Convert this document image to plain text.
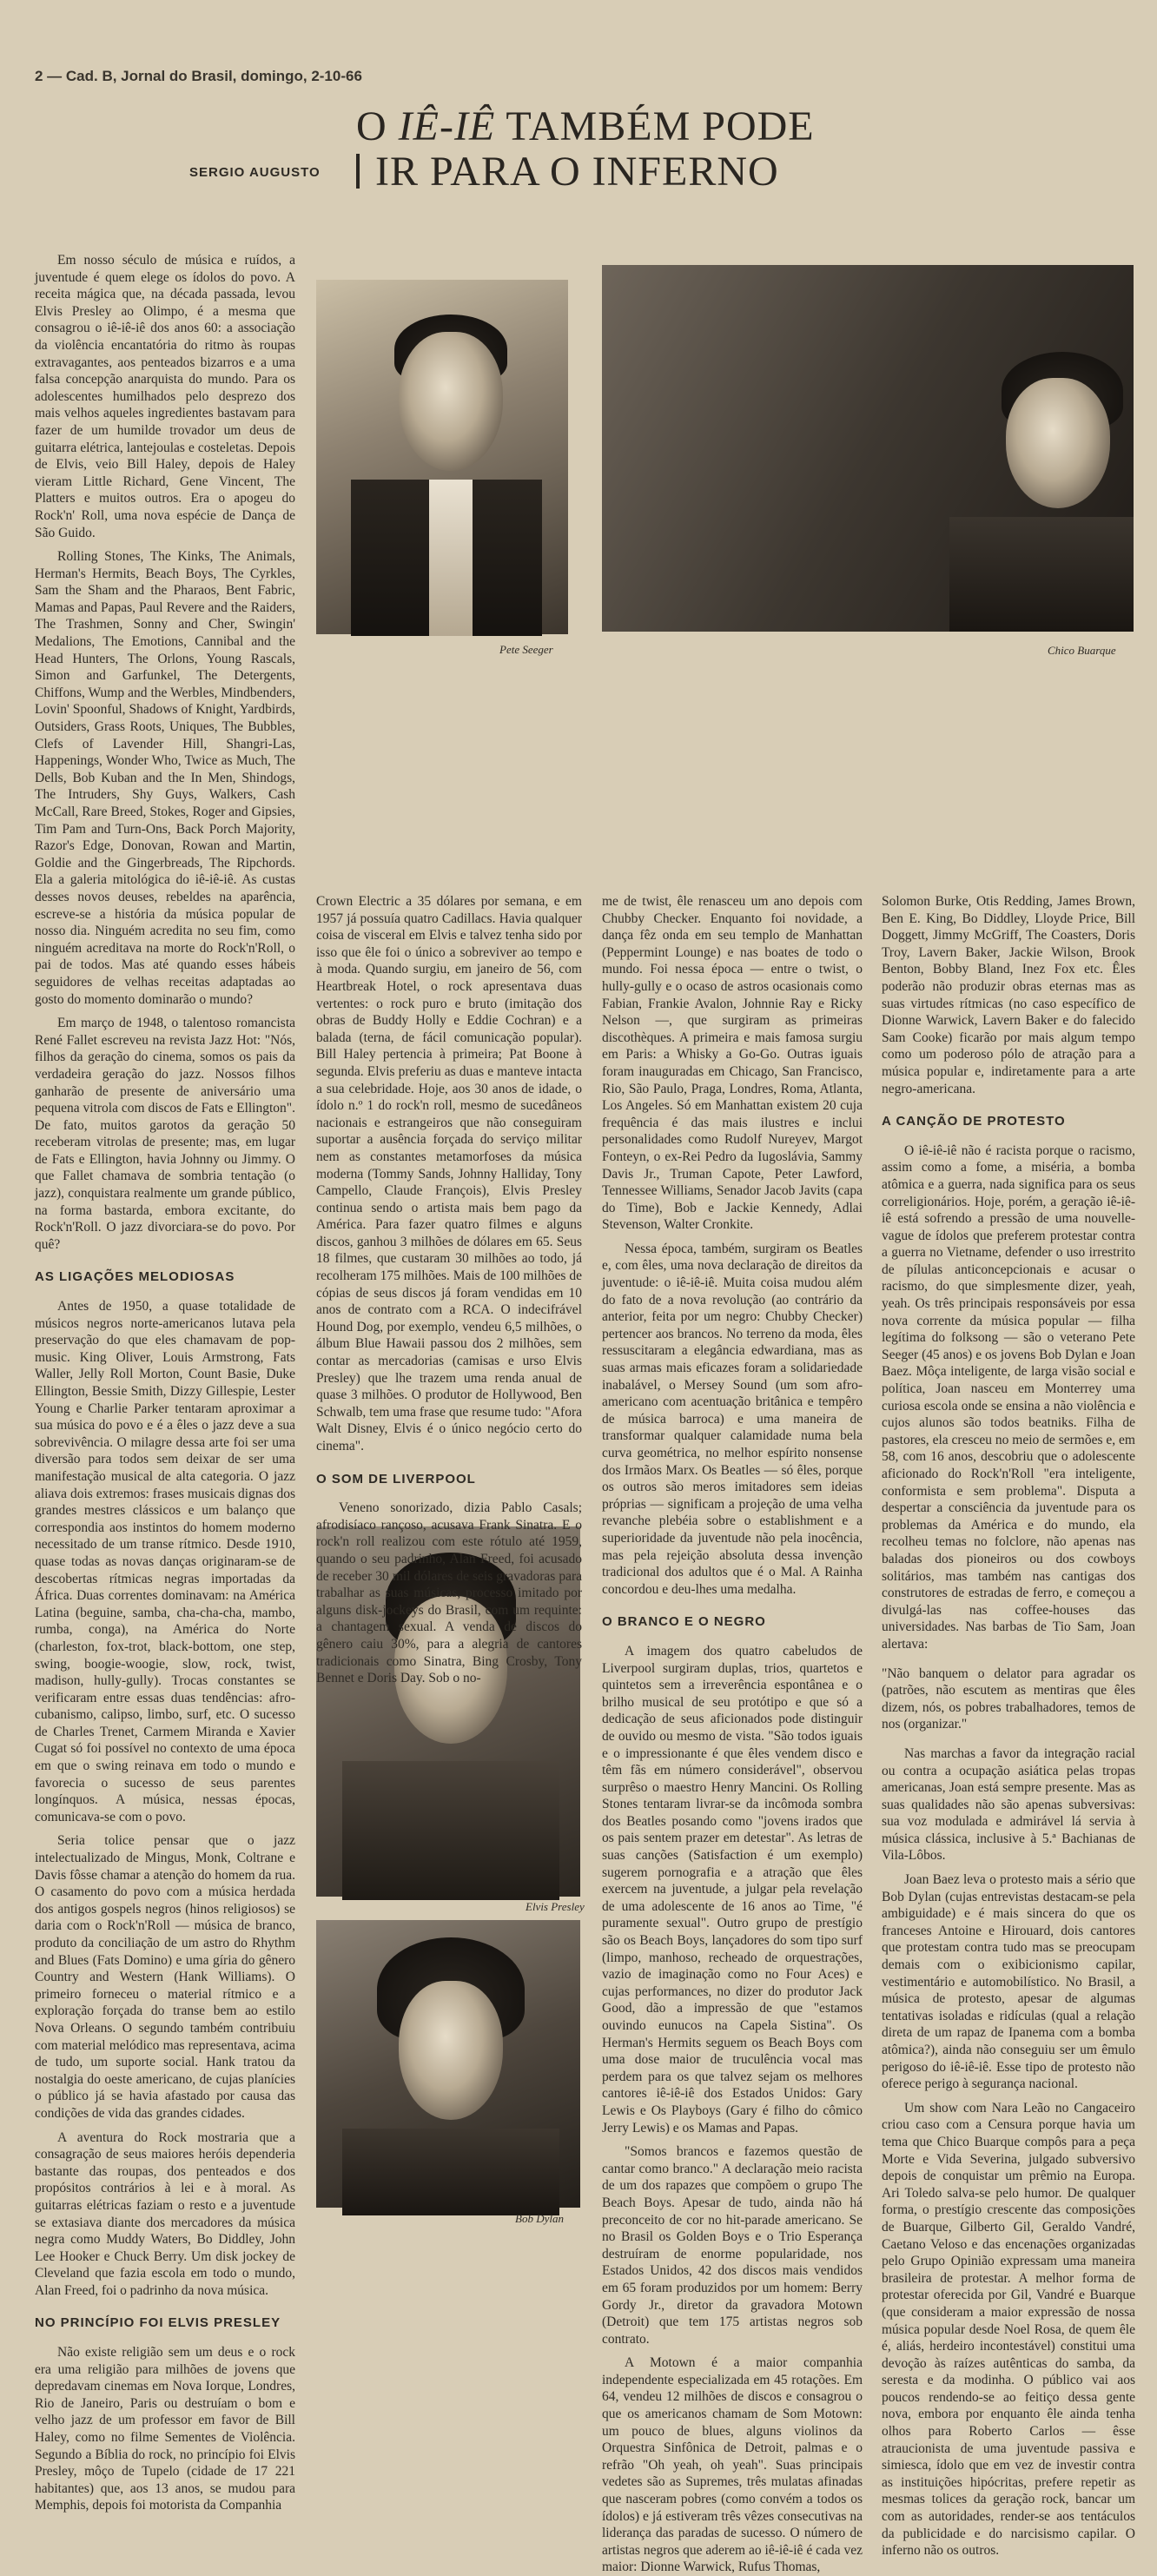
2 — Cad. B, Jornal do Brasil, domingo, 2-10-66
O IÊ-IÊ TAMBÉM PODE
IR PARA O INFERNO
SERGIO AUGUSTO
Pete Seeger	Chico Buarque
Elvis Presley
Bob Dylan

Em nosso século de música e ruídos, a juventude é quem elege os ídolos do povo. A receita mágica que, na década passada, levou Elvis Presley ao Olimpo, é a mesma que consagrou o iê-iê-iê dos anos 60: a associação da violência encantatória do ritmo às roupas extravagantes, aos penteados bizarros e a uma falsa concepção anarquista do mundo. Para os adolescentes humilhados pelo desprezo dos mais velhos aqueles ingredientes bastavam para fazer de um humilde trovador um deus de guitarra elétrica, lantejoulas e costeletas. Depois de Elvis, veio Bill Haley, depois de Haley vieram Little Richard, Gene Vincent, The Platters e muitos outros. Era o apogeu do Rock'n' Roll, uma nova espécie de Dança de São Guido.

Rolling Stones, The Kinks, The Animals, Herman's Hermits, Beach Boys, The Cyrkles, Sam the Sham and the Pharaos, Bent Fabric, Mamas and Papas, Paul Revere and the Raiders, The Trashmen, Sonny and Cher, Swingin' Medalions, The Emotions, Cannibal and the Head Hunters, The Orlons, Young Rascals, Simon and Garfunkel, The Detergents, Chiffons, Wump and the Werbles, Mindbenders, Lovin' Spoonful, Shadows of Knight, Yardbirds, Outsiders, Grass Roots, Uniques, The Bubbles, Clefs of Lavender Hill, Shangri-Las, Happenings, Wonder Who, Twice as Much, The Dells, Bob Kuban and the In Men, Shindogs, The Intruders, Shy Guys, Walkers, Cash McCall, Rare Breed, Stokes, Roger and Gipsies, Tim Pam and Turn-Ons, Back Porch Majority, Razor's Edge, Donovan, Rowan and Martin, Goldie and the Gingerbreads, The Ripchords. Ela a galeria mitológica do iê-iê-iê. As custas desses novos deuses, rebeldes na aparência, escreve-se a história da música popular de nosso dia. Ninguém acredita no seu fim, como ninguém acreditava na morte do Rock'n'Roll, o pai de todos. Mas até quando esses hábeis seguidores de velhas receitas adaptadas ao gosto do momento dominarão o mundo?

Em março de 1948, o talentoso romancista René Fallet escreveu na revista Jazz Hot: "Nós, filhos da geração do cinema, somos os pais da verdadeira geração do jazz. Nossos filhos ganharão de presente de aniversário uma pequena vitrola com discos de Fats e Ellington". De fato, muitos garotos da geração 50 receberam vitrolas de presente; mas, em lugar de Fats e Ellington, havia Johnny ou Jimmy. O que Fallet chamava de sombria tentação (o jazz), conquistara realmente um grande público, na forma bastarda, embora excitante, do Rock'n'Roll. O jazz divorciara-se do povo. Por quê?

AS LIGAÇÕES MELODIOSAS

Antes de 1950, a quase totalidade de músicos negros norte-americanos lutava pela preservação do que eles chamavam de pop-music. King Oliver, Louis Armstrong, Fats Waller, Jelly Roll Morton, Count Basie, Duke Ellington, Bessie Smith, Dizzy Gillespie, Lester Young e Charlie Parker tentaram aproximar a sua música do povo e é a êles o jazz deve a sua sobrevivência. O milagre dessa arte foi ser uma diversão para todos sem deixar de ser uma manifestação musical de alta categoria. O jazz aliava dois extremos: frases musicais dignas dos grandes mestres clássicos e um balanço que correspondia aos instintos do homem moderno necessitado de um transe rítmico. Desde 1910, quase todas as novas danças originaram-se de descobertas rítmicas negras importadas da África. Duas correntes dominavam: na América Latina (beguine, samba, cha-cha-cha, mambo, rumba, conga), na América do Norte (charleston, fox-trot, black-bottom, one step, swing, boogie-woogie, slow, rock, twist, madison, hully-gully). Trocas constantes se verificaram entre essas duas tendências: afro-cubanismo, calipso, limbo, surf, etc. O sucesso de Charles Trenet, Carmem Miranda e Xavier Cugat só foi possível no contexto de uma época em que o swing reinava em todo o mundo e favorecia o sucesso de seus parentes longínquos. A música, nessas épocas, comunicava-se com o povo.

Seria tolice pensar que o jazz intelectualizado de Mingus, Monk, Coltrane e Davis fôsse chamar a atenção do homem da rua. O casamento do povo com a música herdada dos antigos gospels negros (hinos religiosos) se daria com o Rock'n'Roll — música de branco, produto da conciliação de um astro do Rhythm and Blues (Fats Domino) e uma gíria do gênero Country and Western (Hank Williams). O primeiro forneceu o material rítmico e a exploração forçada do transe bem ao estilo Nova Orleans. O segundo também contribuiu com material melódico mas representava, acima de tudo, um suporte social. Hank tratou da nostalgia do oeste americano, de cujas planícies o público já se havia afastado por causa das condições de vida das grandes cidades.

A aventura do Rock mostraria que a consagração de seus maiores heróis dependeria bastante das roupas, dos penteados e dos propósitos contrários à lei e à moral. As guitarras elétricas faziam o resto e a juventude se extasiava diante dos mercadores da música negra como Muddy Waters, Bo Diddley, John Lee Hooker e Chuck Berry. Um disk jockey de Cleveland que fazia escola em todo o mundo, Alan Freed, foi o padrinho da nova música.

NO PRINCÍPIO FOI ELVIS PRESLEY

Não existe religião sem um deus e o rock era uma religião para milhões de jovens que depredavam cinemas em Nova Iorque, Londres, Rio de Janeiro, Paris ou destruíam o bom e velho jazz de um professor em favor de Bill Haley, como no filme Sementes de Violência. Segundo a Bíblia do rock, no princípio foi Elvis Presley, môço de Tupelo (cidade de 17 221 habitantes) que, aos 13 anos, se mudou para Memphis, depois foi motorista da Companhia

Crown Electric a 35 dólares por semana, e em 1957 já possuía quatro Cadillacs. Havia qualquer coisa de visceral em Elvis e talvez tenha sido por isso que êle foi o único a sobreviver ao tempo e à moda. Quando surgiu, em janeiro de 56, com Heartbreak Hotel, o rock apresentava duas vertentes: o rock puro e bruto (imitação dos obras de Buddy Holly e Eddie Cochran) e a balada (terna, de fácil comunicação popular). Bill Haley pertencia à primeira; Pat Boone à segunda. Elvis preferiu as duas e manteve intacta a sua celebridade. Hoje, aos 30 anos de idade, o ídolo n.º 1 do rock'n roll, mesmo de sucedâneos nacionais e estrangeiros que não conseguiram suportar a ausência forçada do serviço militar nem as constantes metamorfoses da música moderna (Tommy Sands, Johnny Halliday, Tony Campello, Claude François), Elvis Presley continua sendo o artista mais bem pago da América. Para fazer quatro filmes e alguns discos, ganhou 3 milhões de dólares em 65. Seus 18 filmes, que custaram 30 milhões ao todo, já recolheram 175 milhões. Mais de 100 milhões de cópias de seus discos já foram vendidas em 10 anos de contrato com a RCA. O indecifrável Hound Dog, por exemplo, vendeu 6,5 milhões, o álbum Blue Hawaii passou dos 2 milhões, sem contar as mercadorias (camisas e urso Elvis Presley) que lhe trazem uma renda anual de quase 3 milhões. O produtor de Hollywood, Ben Schwalb, tem uma frase que resume tudo: "Afora Walt Disney, Elvis é o único negócio certo do cinema".

O SOM DE LIVERPOOL

Veneno sonorizado, dizia Pablo Casals; afrodisíaco rançoso, acusava Frank Sinatra. E o rock'n roll realizou com este rótulo até 1959, quando o seu padrinho, Alan Freed, foi acusado de receber 30 mil dólares de seis gravadoras para trabalhar as suas músicas, processo imitado por alguns disk-jockeys do Brasil, com um requinte: a chantagem sexual. A venda de discos do gênero caiu 30%, para a alegria de cantores tradicionais como Sinatra, Bing Crosby, Tony Bennet e Doris Day. Sob o no-

me de twist, êle renasceu um ano depois com Chubby Checker. Enquanto foi novidade, a dança fêz onda em seu templo de Manhattan (Peppermint Lounge) e nas boates de todo o mundo. Foi nessa época — entre o twist, o hully-gully e o ocaso de astros ocasionais como Fabian, Frankie Avalon, Johnnie Ray e Ricky Nelson —, que surgiram as primeiras discothèques. A primeira e mais famosa surgiu em Paris: a Whisky a Go-Go. Outras iguais foram inauguradas em Chicago, San Francisco, Rio, São Paulo, Praga, Londres, Roma, Atlanta, Los Angeles. Só em Manhattan existem 20 cuja frequência é das mais ilustres e inclui personalidades como Rudolf Nureyev, Margot Fonteyn, o ex-Rei Pedro da Iugoslávia, Sammy Davis Jr., Truman Capote, Peter Lawford, Tennessee Williams, Senador Jacob Javits (capa do Time), Bob e Jackie Kennedy, Adlai Stevenson, Walter Cronkite.

Nessa época, também, surgiram os Beatles e, com êles, uma nova declaração de direitos da juventude: o iê-iê-iê. Muita coisa mudou além do fato de a nova revolução (ao contrário da anterior, feita por um negro: Chubby Checker) pertencer aos brancos. No terreno da moda, êles ressuscitaram a elegância edwardiana, mas as suas armas mais eficazes foram a solidariedade inabalável, o Mersey Sound (um som afro-americano com acentuação britânica e tempêro de música barroca) e uma maneira de transformar qualquer calamidade numa bela curva geométrica, no melhor espírito nonsense dos Irmãos Marx. Os Beatles — só êles, porque os outros são meros imitadores sem ideias próprias — significam a projeção de uma velha revanche plebéia sobre o establishment e a superioridade da juventude não pela inocência, mas pela rejeição absoluta dessa invenção tradicional dos adultos que é o Mal. A Rainha concordou e deu-lhes uma medalha.

O BRANCO E O NEGRO

A imagem dos quatro cabeludos de Liverpool surgiram duplas, trios, quartetos e quintetos sem a irreverência espontânea e o brilho musical de seu protótipo e que só a dedicação de seus aficionados pode distinguir de ouvido ou mesmo de vista. "São todos iguais e o impressionante é que êles vendem disco e têm fãs em número considerável", observou surprêso o maestro Henry Mancini. Os Rolling Stones tentaram livrar-se da incômoda sombra dos Beatles posando como "jovens irados que os pais sentem prazer em detestar". As letras de suas canções (Satisfaction é um exemplo) sugerem pornografia e a atração que êles exercem na juventude, a julgar pela revelação de uma adolescente de 16 anos ao Time, "é puramente sexual". Outro grupo de prestígio são os Beach Boys, lançadores do som tipo surf (limpo, manhoso, recheado de orquestrações, vazio de imaginação como no Four Aces) e cujas performances, no dizer do produtor Jack Good, dão a impressão de que "estamos ouvindo eunucos na Capela Sistina". Os Herman's Hermits seguem os Beach Boys com uma dose maior de truculência vocal mas perdem para os que talvez sejam os melhores cantores iê-iê-iê dos Estados Unidos: Gary Lewis e Os Playboys (Gary é filho do cômico Jerry Lewis) e os Mamas and Papas.

"Somos brancos e fazemos questão de cantar como branco." A declaração meio racista de um dos rapazes que compõem o grupo The Beach Boys. Apesar de tudo, ainda não há preconceito de cor no hit-parade americano. Se no Brasil os Golden Boys e o Trio Esperança destruíram de enorme popularidade, nos Estados Unidos, 42 dos discos mais vendidos em 65 foram produzidos por um homem: Berry Gordy Jr., diretor da gravadora Motown (Detroit) que tem 175 artistas negros sob contrato.

A Motown é a maior companhia independente especializada em 45 rotações. Em 64, vendeu 12 milhões de discos e consagrou o que os americanos chamam de Som Motown: um pouco de blues, alguns violinos da Orquestra Sinfônica de Detroit, palmas e o refrão "Oh yeah, oh yeah". Suas principais vedetes são as Supremes, três mulatas afinadas que nasceram pobres (como convém a todos os ídolos) e já estiveram três vêzes consecutivas na liderança das paradas de sucesso. O número de artistas negros que aderem ao iê-iê-iê é cada vez maior: Dionne Warwick, Rufus Thomas,

Solomon Burke, Otis Redding, James Brown, Ben E. King, Bo Diddley, Lloyde Price, Bill Doggett, Jimmy McGriff, The Coasters, Doris Troy, Lavern Baker, Jackie Wilson, Brook Benton, Bobby Bland, Inez Fox etc. Êles poderão não produzir obras eternas mas as suas virtudes rítmicas (no caso específico de Dionne Warwick, Lavern Baker e do falecido Sam Cooke) ficarão por mais algum tempo como um poderoso pólo de atração para a música popular e, indiretamente para a arte negro-americana.

A CANÇÃO DE PROTESTO

O iê-iê-iê não é racista porque o racismo, assim como a fome, a miséria, a bomba atômica e a guerra, nada significa para os seus correligionários. Hoje, porém, a geração iê-iê-iê está sofrendo a pressão de uma nouvelle-vague de ídolos que preferem protestar contra a guerra no Vietname, defender o uso irrestrito de pílulas anticoncepcionais e acusar o racismo, do que simplesmente dizer, yeah, yeah. Os três principais responsáveis por essa nova corrente da música popular — filha legítima do folksong — são o veterano Pete Seeger (45 anos) e os jovens Bob Dylan e Joan Baez. Môça inteligente, de larga visão social e política, Joan nasceu em Monterrey uma curiosa escola onde se ensina a não violência e cujos alunos são todos beatniks. Filha de pastores, ela cresceu no meio de sermões e, em 58, com 16 anos, descobriu que o adolescente aficionado do Rock'n'Roll "era inteligente, conformista e sem problema". Disputa a despertar a consciência da juventude para os problemas da América e do mundo, ela recolheu temas no folclore, não apenas nas baladas dos pioneiros ou dos cowboys solitários, mas também nas cantigas dos construtores de estradas de ferro, e começou a divulgá-las nas coffee-houses das universidades. Nas barbas de Tio Sam, Joan alertava:

"Não banquem o delator para agradar os (patrões, não escutem as mentiras que êles dizem, nós, os pobres trabalhadores, temos de nos (organizar."

Nas marchas a favor da integração racial ou contra a ocupação asiática pelas tropas americanas, Joan está sempre presente. Mas as suas qualidades não são apenas subversivas: sua voz modulada e admirável lá servia à música clássica, inclusive à 5.ª Bachianas de Vila-Lôbos.

Joan Baez leva o protesto mais a sério que Bob Dylan (cujas entrevistas destacam-se pela ambiguidade) e é mais sincera do que os franceses Antoine e Hirouard, dois cantores que protestam contra tudo mas se preocupam demais com o exibicionismo capilar, vestimentário e automobilístico. No Brasil, a música de protesto, apesar de algumas tentativas isoladas e ridículas (qual a relação direta de um rapaz de Ipanema com a bomba atômica?), ainda não conseguiu ser um êmulo perigoso do iê-iê-iê. Esse tipo de protesto não oferece perigo à segurança nacional.

Um show com Nara Leão no Cangaceiro criou caso com a Censura porque havia um tema que Chico Buarque compôs para a peça Morte e Vida Severina, julgado subversivo depois de conquistar um prêmio na Europa. Ari Toledo salva-se pelo humor. De qualquer forma, o prestígio crescente das composições de Buarque, Gilberto Gil, Geraldo Vandré, Caetano Veloso e das encenações organizadas pelo Grupo Opinião expressam uma maneira brasileira de protestar. A melhor forma de protestar oferecida por Gil, Vandré e Buarque (que consideram a maior expressão de nossa música popular desde Noel Rosa, de quem êle é, aliás, herdeiro incontestável) constitui uma devoção às raízes autênticas do samba, da seresta e da modinha. O público vai aos poucos rendendo-se ao feitiço dessa gente nova, embora por enquanto êle ainda tenha olhos para Roberto Carlos — êsse atraucionista de uma juventude passiva e simiesca, ídolo que em vez de investir contra as instituições hipócritas, prefere repetir as mesmas tolices da geração rock, bancar um com as autoridades, render-se aos tentáculos da publicidade e do narcisismo capilar. O inferno não os outros.
